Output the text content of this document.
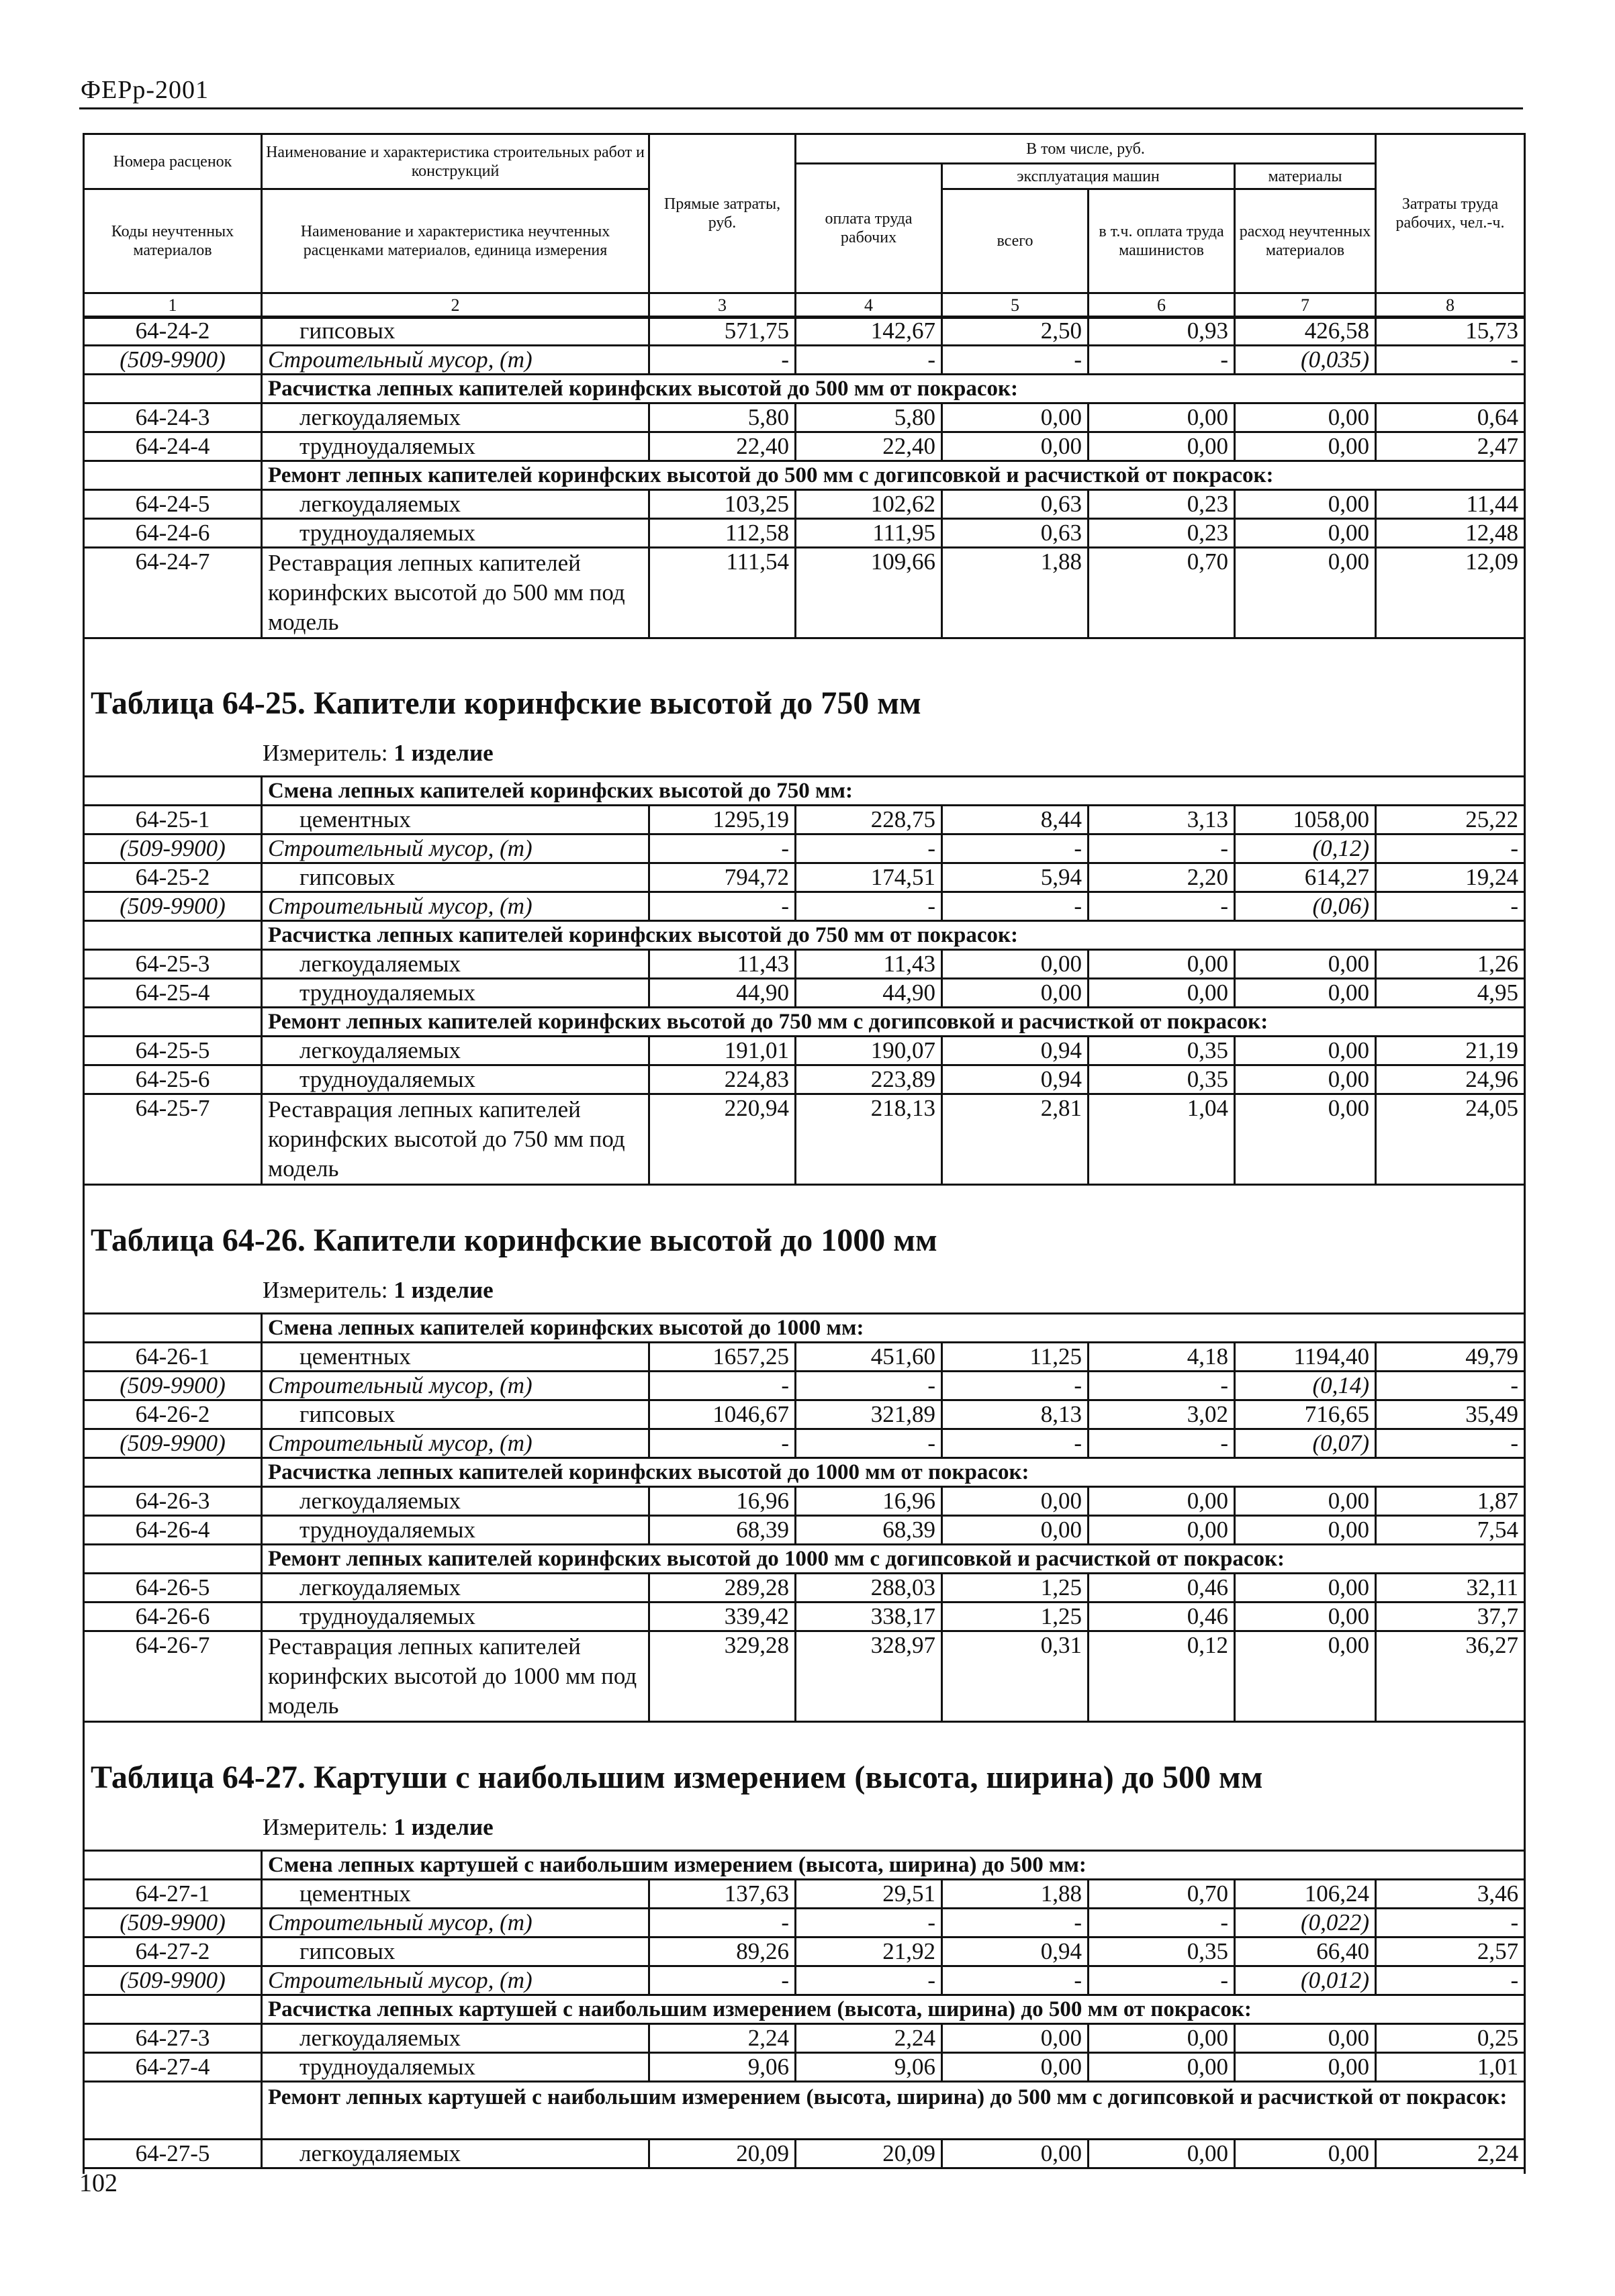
ФЕРр-2001
Номера расценок	Наименование и характеристика строительных работ и конструкций	Прямые затраты, руб.	В том числе, руб.				Затраты труда рабочих, чел.-ч.
			оплата труда рабочих	эксплуатация машин		материалы	
Коды неучтенных материалов	Наименование и характеристика неучтенных расценками материалов, единица измерения			всего	в т.ч. оплата труда машинистов	расход неучтенных материалов	
1	2	3	4	5	6	7	8
64-24-2	гипсовых	571,75	142,67	2,50	0,93	426,58	15,73
(509-9900)	Строительный мусор, (т)	-	-	-	-	(0,035)	-
	Расчистка лепных капителей коринфских высотой до 500 мм от покрасок:						
64-24-3	легкоудаляемых	5,80	5,80	0,00	0,00	0,00	0,64
64-24-4	трудноудаляемых	22,40	22,40	0,00	0,00	0,00	2,47
	Ремонт лепных капителей коринфских высотой до 500 мм с догипсовкой и расчисткой от покрасок:						
64-24-5	легкоудаляемых	103,25	102,62	0,63	0,23	0,00	11,44
64-24-6	трудноудаляемых	112,58	111,95	0,63	0,23	0,00	12,48
64-24-7	Реставрация лепных капителей коринфских высотой до 500 мм под модель	111,54	109,66	1,88	0,70	0,00	12,09
Таблица 64-25. Капители коринфские высотой до 750 мм
Измеритель: 1 изделие
	Смена лепных капителей коринфских высотой до 750 мм:						
64-25-1	цементных	1295,19	228,75	8,44	3,13	1058,00	25,22
(509-9900)	Строительный мусор, (т)	-	-	-	-	(0,12)	-
64-25-2	гипсовых	794,72	174,51	5,94	2,20	614,27	19,24
(509-9900)	Строительный мусор, (т)	-	-	-	-	(0,06)	-
	Расчистка лепных капителей коринфских высотой до 750 мм от покрасок:						
64-25-3	легкоудаляемых	11,43	11,43	0,00	0,00	0,00	1,26
64-25-4	трудноудаляемых	44,90	44,90	0,00	0,00	0,00	4,95
	Ремонт лепных капителей коринфских вьсотой до 750 мм с догипсовкой и расчисткой от покрасок:						
64-25-5	легкоудаляемых	191,01	190,07	0,94	0,35	0,00	21,19
64-25-6	трудноудаляемых	224,83	223,89	0,94	0,35	0,00	24,96
64-25-7	Реставрация лепных капителей коринфских высотой до 750 мм под модель	220,94	218,13	2,81	1,04	0,00	24,05
Таблица 64-26. Капители коринфские высотой до 1000 мм
Измеритель: 1 изделие
	Смена лепных капителей коринфских высотой до 1000 мм:						
64-26-1	цементных	1657,25	451,60	11,25	4,18	1194,40	49,79
(509-9900)	Строительный мусор, (т)	-	-	-	-	(0,14)	-
64-26-2	гипсовых	1046,67	321,89	8,13	3,02	716,65	35,49
(509-9900)	Строительный мусор, (т)	-	-	-	-	(0,07)	-
	Расчистка лепных капителей коринфских высотой до 1000 мм от покрасок:						
64-26-3	легкоудаляемых	16,96	16,96	0,00	0,00	0,00	1,87
64-26-4	трудноудаляемых	68,39	68,39	0,00	0,00	0,00	7,54
	Ремонт лепных капителей коринфских высотой до 1000 мм с догипсовкой и расчисткой от покрасок:						
64-26-5	легкоудаляемых	289,28	288,03	1,25	0,46	0,00	32,11
64-26-6	трудноудаляемых	339,42	338,17	1,25	0,46	0,00	37,7
64-26-7	Реставрация лепных капителей коринфских высотой до 1000 мм под модель	329,28	328,97	0,31	0,12	0,00	36,27
Таблица 64-27. Картуши с наибольшим измерением (высота, ширина) до 500 мм
Измеритель: 1 изделие
	Смена лепных картушей с наибольшим измерением (высота, ширина) до 500 мм:						
64-27-1	цементных	137,63	29,51	1,88	0,70	106,24	3,46
(509-9900)	Строительный мусор, (т)	-	-	-	-	(0,022)	-
64-27-2	гипсовых	89,26	21,92	0,94	0,35	66,40	2,57
(509-9900)	Строительный мусор, (т)	-	-	-	-	(0,012)	-
	Расчистка лепных картушей с наибольшим измерением (высота, ширина) до 500 мм от покрасок:						
64-27-3	легкоудаляемых	2,24	2,24	0,00	0,00	0,00	0,25
64-27-4	трудноудаляемых	9,06	9,06	0,00	0,00	0,00	1,01
	Ремонт лепных картушей с наибольшим измерением (высота, ширина) до 500 мм с догипсовкой и расчисткой от покрасок:						
64-27-5	легкоудаляемых	20,09	20,09	0,00	0,00	0,00	2,24
102
